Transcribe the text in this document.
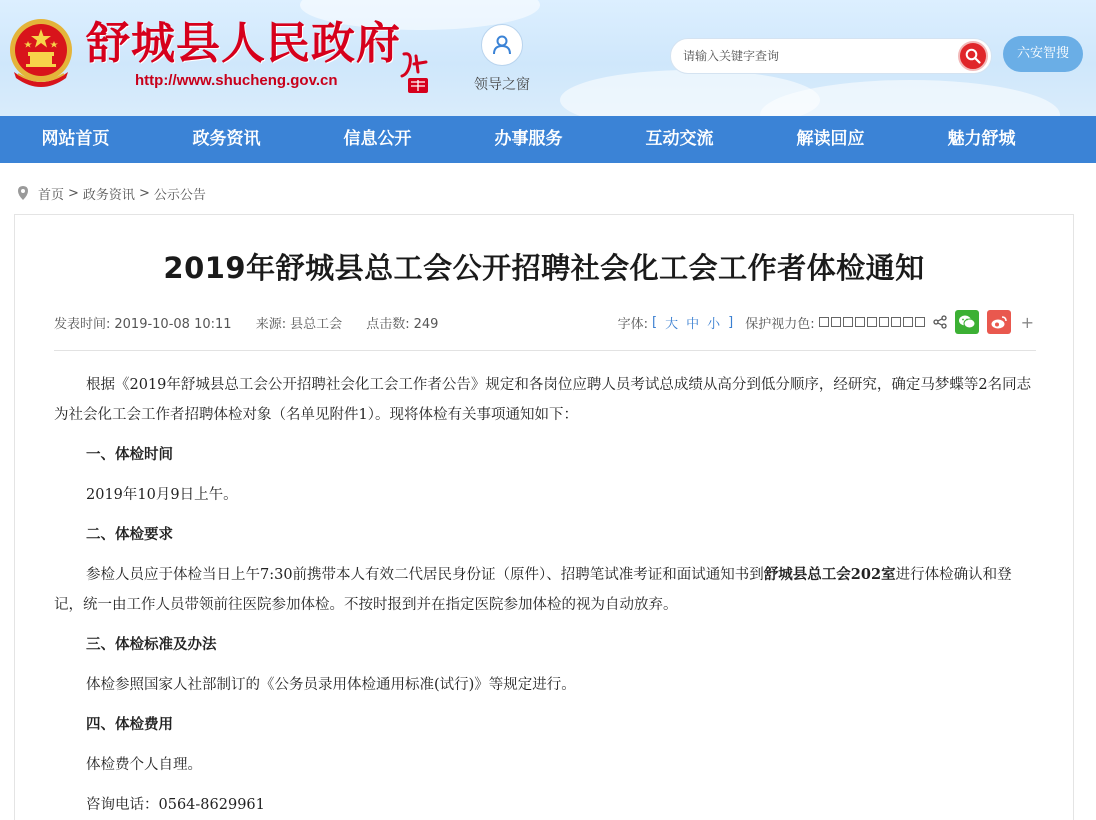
舒城县人民政府
http://www.shucheng.gov.cn	领导之窗
请输入关键字查询
六安智搜
网站首页	政务资讯	信息公开	办事服务	互动交流	解读回应	魅力舒城
首页 > 政务资讯 > 公示公告
2019年舒城县总工会公开招聘社会化工会工作者体检通知
发表时间: 2019-10-08 10:11 来源: 县总工会 点击数: 249	字体: [ 大 中 小 ] 保护视力色:	+

根据《2019年舒城县总工会公开招聘社会化工会工作者公告》规定和各岗位应聘人员考试总成绩从高分到低分顺序，经研究，确定马梦蝶等2名同志为社会化工会工作者招聘体检对象（名单见附件1）。现将体检有关事项通知如下：

一、体检时间

2019年10月9日上午。

二、体检要求

参检人员应于体检当日上午7:30前携带本人有效二代居民身份证（原件）、招聘笔试准考证和面试通知书到舒城县总工会202室进行体检确认和登记，统一由工作人员带领前往医院参加体检。不按时报到并在指定医院参加体检的视为自动放弃。

三、体检标准及办法

体检参照国家人社部制订的《公务员录用体检通用标准(试行)》等规定进行。

四、体检费用

体检费个人自理。

咨询电话：0564-8629961
